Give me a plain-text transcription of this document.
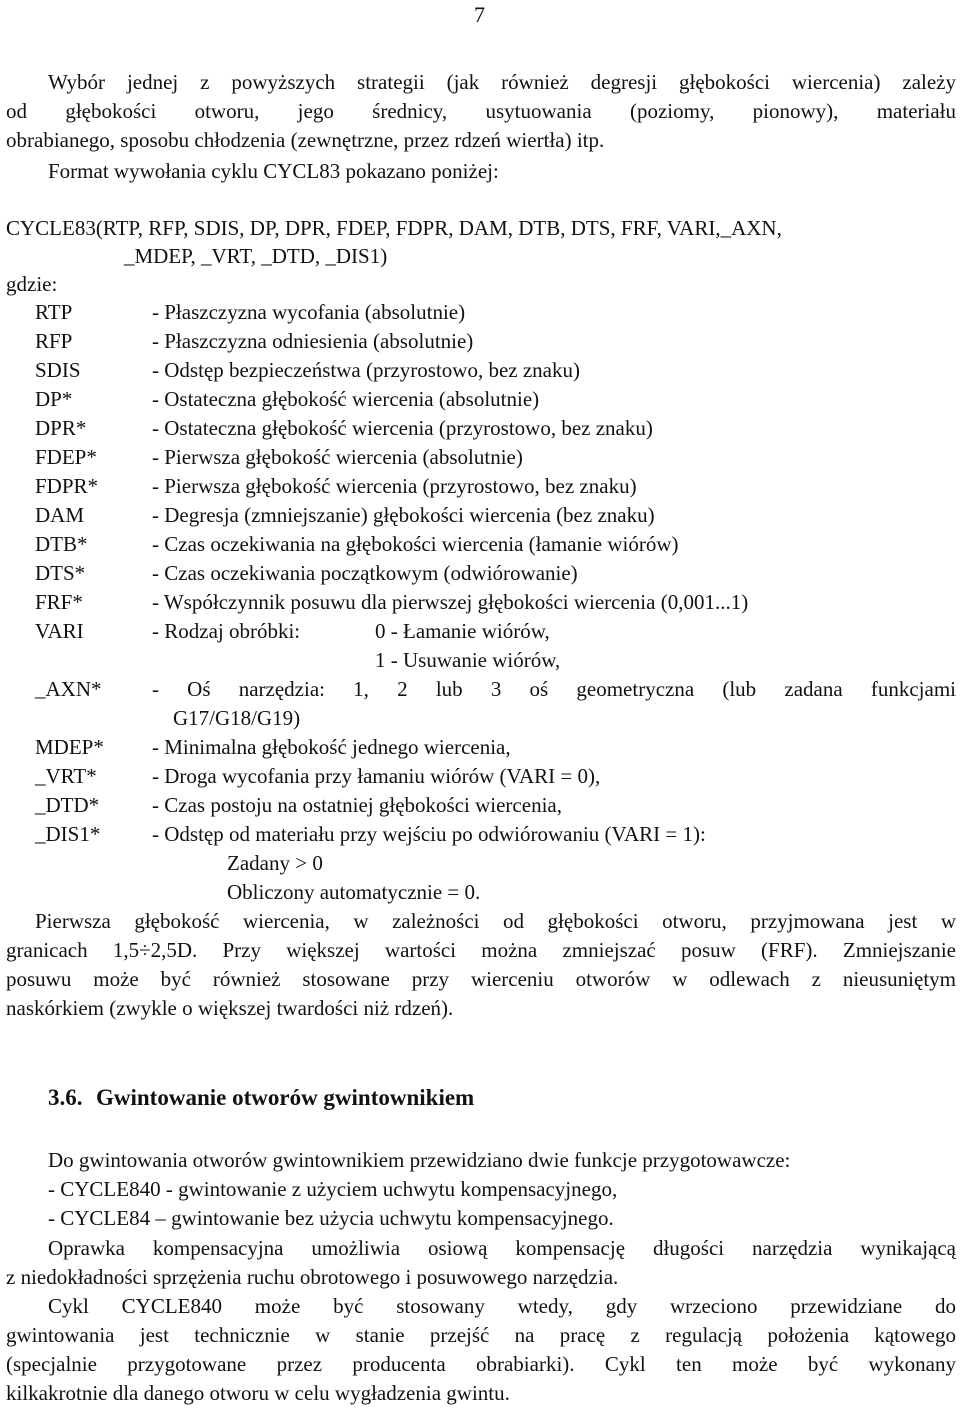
7
Wybór jednej z powyższych strategii (jak również degresji głębokości wiercenia) zależy
od głębokości otworu, jego średnicy, usytuowania (poziomy, pionowy), materiału
obrabianego, sposobu chłodzenia (zewnętrzne, przez rdzeń wiertła) itp.
Format wywołania cyklu CYCL83 pokazano poniżej:
CYCLE83(RTP, RFP, SDIS, DP, DPR, FDEP, FDPR, DAM, DTB, DTS, FRF, VARI,_AXN,
_MDEP, _VRT, _DTD, _DIS1)
gdzie:
RTP	- Płaszczyzna wycofania (absolutnie)
RFP	- Płaszczyzna odniesienia (absolutnie)
SDIS	- Odstęp bezpieczeństwa (przyrostowo, bez znaku)
DP*	- Ostateczna głębokość wiercenia (absolutnie)
DPR*	- Ostateczna głębokość wiercenia (przyrostowo, bez znaku)
FDEP*	- Pierwsza głębokość wiercenia (absolutnie)
FDPR*	- Pierwsza głębokość wiercenia (przyrostowo, bez znaku)
DAM	- Degresja (zmniejszanie) głębokości wiercenia (bez znaku)
DTB*	- Czas oczekiwania na głębokości wiercenia (łamanie wiórów)
DTS*	- Czas oczekiwania początkowym (odwiórowanie)
FRF*	- Współczynnik posuwu dla pierwszej głębokości wiercenia (0,001...1)
VARI	- Rodzaj obróbki:	0 - Łamanie wiórów,
1 - Usuwanie wiórów,
_AXN* - Oś narzędzia: 1, 2 lub 3 oś geometryczna (lub zadana funkcjami
G17/G18/G19)
MDEP* - Minimalna głębokość jednego wiercenia,
_VRT*	- Droga wycofania przy łamaniu wiórów (VARI = 0),
_DTD*	- Czas postoju na ostatniej głębokości wiercenia,
_DIS1* - Odstęp od materiału przy wejściu po odwiórowaniu (VARI = 1):
Zadany > 0
Obliczony automatycznie = 0.
Pierwsza głębokość wiercenia, w zależności od głębokości otworu, przyjmowana jest w
granicach 1,5÷2,5D. Przy większej wartości można zmniejszać posuw (FRF). Zmniejszanie
posuwu może być również stosowane przy wierceniu otworów w odlewach z nieusuniętym
naskórkiem (zwykle o większej twardości niż rdzeń).
3.6. Gwintowanie otworów gwintownikiem
Do gwintowania otworów gwintownikiem przewidziano dwie funkcje przygotowawcze:
- CYCLE840 - gwintowanie z użyciem uchwytu kompensacyjnego,
- CYCLE84 – gwintowanie bez użycia uchwytu kompensacyjnego.
Oprawka kompensacyjna umożliwia osiową kompensację długości narzędzia wynikającą
z niedokładności sprzężenia ruchu obrotowego i posuwowego narzędzia.
Cykl CYCLE840 może być stosowany wtedy, gdy wrzeciono przewidziane do
gwintowania jest technicznie w stanie przejść na pracę z regulacją położenia kątowego
(specjalnie przygotowane przez producenta obrabiarki). Cykl ten może być wykonany
kilkakrotnie dla danego otworu w celu wygładzenia gwintu.
